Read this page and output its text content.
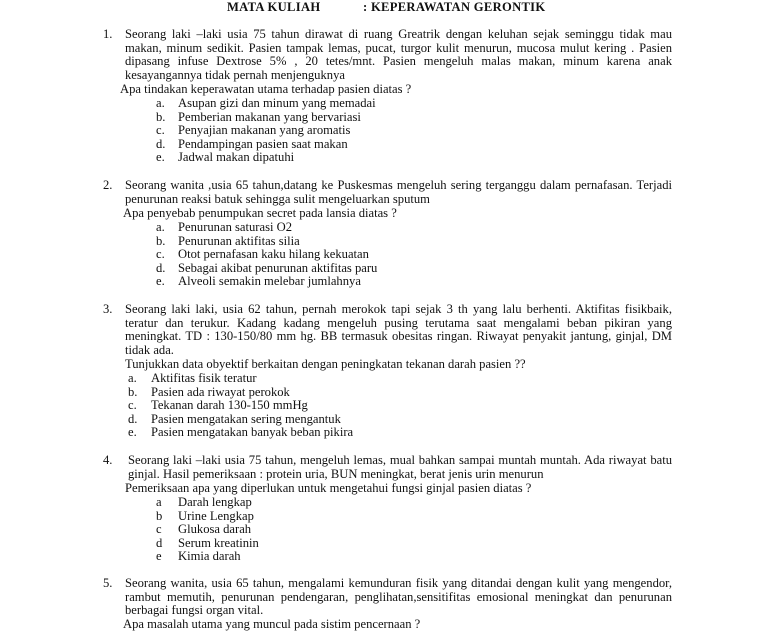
MATA KULIAH	: KEPERAWATAN GERONTIK
1. Seorang laki –laki usia 75 tahun dirawat di ruang Greatrik dengan keluhan sejak seminggu tidak mau makan, minum sedikit. Pasien tampak lemas, pucat, turgor kulit menurun, mucosa mulut kering . Pasien dipasang infuse Dextrose 5% , 20 tetes/mnt. Pasien mengeluh malas makan, minum karena anak kesayangannya tidak pernah menjenguknya
Apa tindakan keperawatan utama terhadap pasien diatas ?
a. Asupan gizi dan minum yang memadai
b. Pemberian makanan yang bervariasi
c. Penyajian makanan yang aromatis
d. Pendampingan pasien saat makan
e. Jadwal makan dipatuhi
2. Seorang wanita ,usia 65 tahun,datang ke Puskesmas mengeluh sering terganggu dalam pernafasan. Terjadi penurunan reaksi batuk sehingga sulit mengeluarkan sputum
Apa penyebab penumpukan secret pada lansia diatas ?
a. Penurunan saturasi O2
b. Penurunan aktifitas silia
c. Otot pernafasan kaku hilang kekuatan
d. Sebagai akibat penurunan aktifitas paru
e. Alveoli semakin melebar jumlahnya
3. Seorang laki laki, usia 62 tahun, pernah merokok tapi sejak 3 th yang lalu berhenti. Aktifitas fisikbaik, teratur dan terukur. Kadang kadang mengeluh pusing terutama saat mengalami beban pikiran yang meningkat. TD : 130-150/80 mm hg. BB termasuk obesitas ringan. Riwayat penyakit jantung, ginjal, DM tidak ada.
Tunjukkan data obyektif berkaitan dengan peningkatan tekanan darah pasien ??
a. Aktifitas fisik teratur
b. Pasien ada riwayat perokok
c. Tekanan darah 130-150 mmHg
d. Pasien mengatakan sering mengantuk
e. Pasien mengatakan banyak beban pikira
4. Seorang laki –laki usia 75 tahun, mengeluh lemas, mual bahkan sampai muntah muntah. Ada riwayat batu ginjal. Hasil pemeriksaan : protein uria, BUN meningkat, berat jenis urin menurun
Pemeriksaan apa yang diperlukan untuk mengetahui fungsi ginjal pasien diatas ?
a Darah lengkap
b Urine Lengkap
c Glukosa darah
d Serum kreatinin
e Kimia darah
5. Seorang wanita, usia 65 tahun, mengalami kemunduran fisik yang ditandai dengan kulit yang mengendor, rambut memutih, penurunan pendengaran, penglihatan,sensitifitas emosional meningkat dan penurunan berbagai fungsi organ vital.
Apa masalah utama yang muncul pada sistim pencernaan ?
